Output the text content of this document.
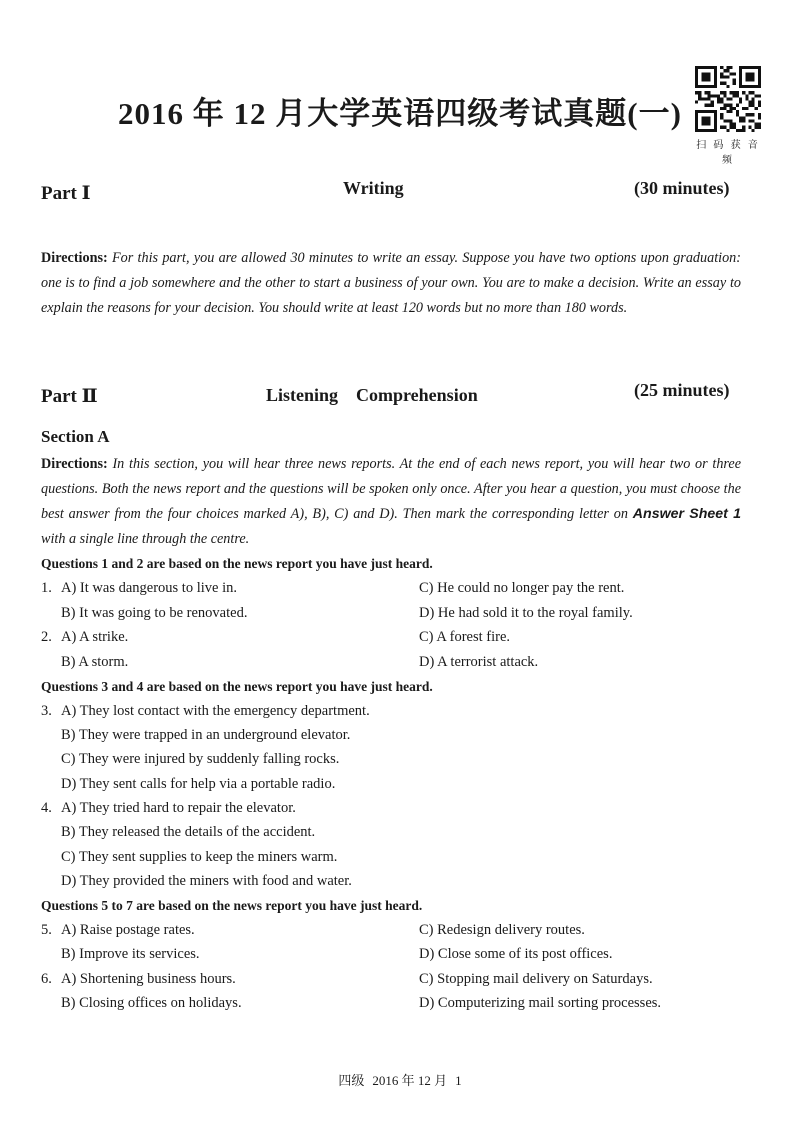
2016 年 12 月大学英语四级考试真题(一)
扫 码 获 音 频
Part Ⅰ	Writing	(30 minutes)
Directions: For this part, you are allowed 30 minutes to write an essay. Suppose you have two options upon graduation: one is to find a job somewhere and the other to start a business of your own. You are to make a decision. Write an essay to explain the reasons for your decision. You should write at least 120 words but no more than 180 words.
Part Ⅱ	Listening    Comprehension	(25 minutes)
Section A
Directions: In this section, you will hear three news reports. At the end of each news report, you will hear two or three questions. Both the news report and the questions will be spoken only once. After you hear a question, you must choose the best answer from the four choices marked A), B), C) and D). Then mark the corresponding letter on Answer Sheet 1 with a single line through the centre.
Questions 1 and 2 are based on the news report you have just heard.
1. A) It was dangerous to live in.	C) He could no longer pay the rent.
B) It was going to be renovated.	D) He had sold it to the royal family.
2. A) A strike.	C) A forest fire.
B) A storm.	D) A terrorist attack.
Questions 3 and 4 are based on the news report you have just heard.
3. A) They lost contact with the emergency department.
B) They were trapped in an underground elevator.
C) They were injured by suddenly falling rocks.
D) They sent calls for help via a portable radio.
4. A) They tried hard to repair the elevator.
B) They released the details of the accident.
C) They sent supplies to keep the miners warm.
D) They provided the miners with food and water.
Questions 5 to 7 are based on the news report you have just heard.
5. A) Raise postage rates.	C) Redesign delivery routes.
B) Improve its services.	D) Close some of its post offices.
6. A) Shortening business hours.	C) Stopping mail delivery on Saturdays.
B) Closing offices on holidays.	D) Computerizing mail sorting processes.
四级 2016 年 12 月 1
